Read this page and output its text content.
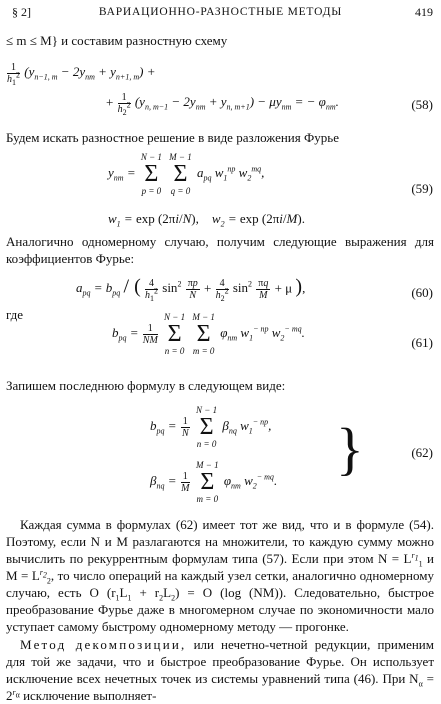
§ 2]	ВАРИАЦИОННО-РАЗНОСТНЫЕ МЕТОДЫ	419
≤ m ≤ M} и составим разностную схему
$\frac{1}{h_1^2} (y_{n-1, m} - 2y_{nm} + y_{n+1, m})$ +
+ $\frac{1}{h_2^2} (y_{n, m-1} - 2y_{nm} + y_{n, m+1}) - \mu y_{nm}$ = − $\varphi_{nm}$.	(58)
Будем искать разностное решение в виде разложения Фурье
$y_{nm}$ =
N − 1
Σ
p = 0

M − 1
Σ
q = 0
$a_{pq}$ $w_1^{np}$ $w_2^{mq}$,
(59)
$w_1 = \exp (2\pi i/N)$,    $w_2 = \exp (2\pi i/M)$.
Аналогично одномерному случаю, получим следующие выражения для коэффициентов Фурье:
$a_{pq} = b_{pq}$ / ( $\frac{4}{h_1^2} \sin^2 \frac{\pi p}{N} + \frac{4}{h_2^2} \sin^2 \frac{\pi q}{M} + \mu$ ),	(60)
где
$b_{pq} = \frac{1}{NM}$

N − 1
Σ
n = 0

M − 1
Σ
m = 0
$\varphi_{nm}$ $w_1^{- np}$ $w_2^{- mq}$.
(61)
Запишем последнюю формулу в следующем виде:
$b_{pq} = \frac{1}{N}$

N − 1
Σ
n = 0
$\beta_{nq}$ $w_1^{- np}$,
$\beta_{nq} = \frac{1}{M}$

M − 1
Σ
m = 0
$\varphi_{nm}$ $w_2^{- mq}$. }	(62)
Каждая сумма в формулах (62) имеет тот же вид, что и в формуле (54). Поэтому, если N и M разлагаются на множители, то каждую сумму можно вычислить по рекуррентным формулам типа (57). Если при этом $N = L^{r_1}_1$ и $M = L^{r_2}_2$, то число операций на каждый узел сетки, аналогично одномерному случаю, есть O $(r_1L_1 + r_2L_2) = O$ (log (NM)). Следовательно, быстрое преобразование Фурье даже в многомерном случае по экономичности мало уступает самому быстрому одномерному методу — прогонке.
Метод декомпозиции, или нечетно-четной редукции, применим для той же задачи, что и быстрое преобразование Фурье. Он использует исключение всех нечетных точек из системы уравнений типа (46). При $N_\alpha = 2^{r_\alpha}$ исключение выполняет-
